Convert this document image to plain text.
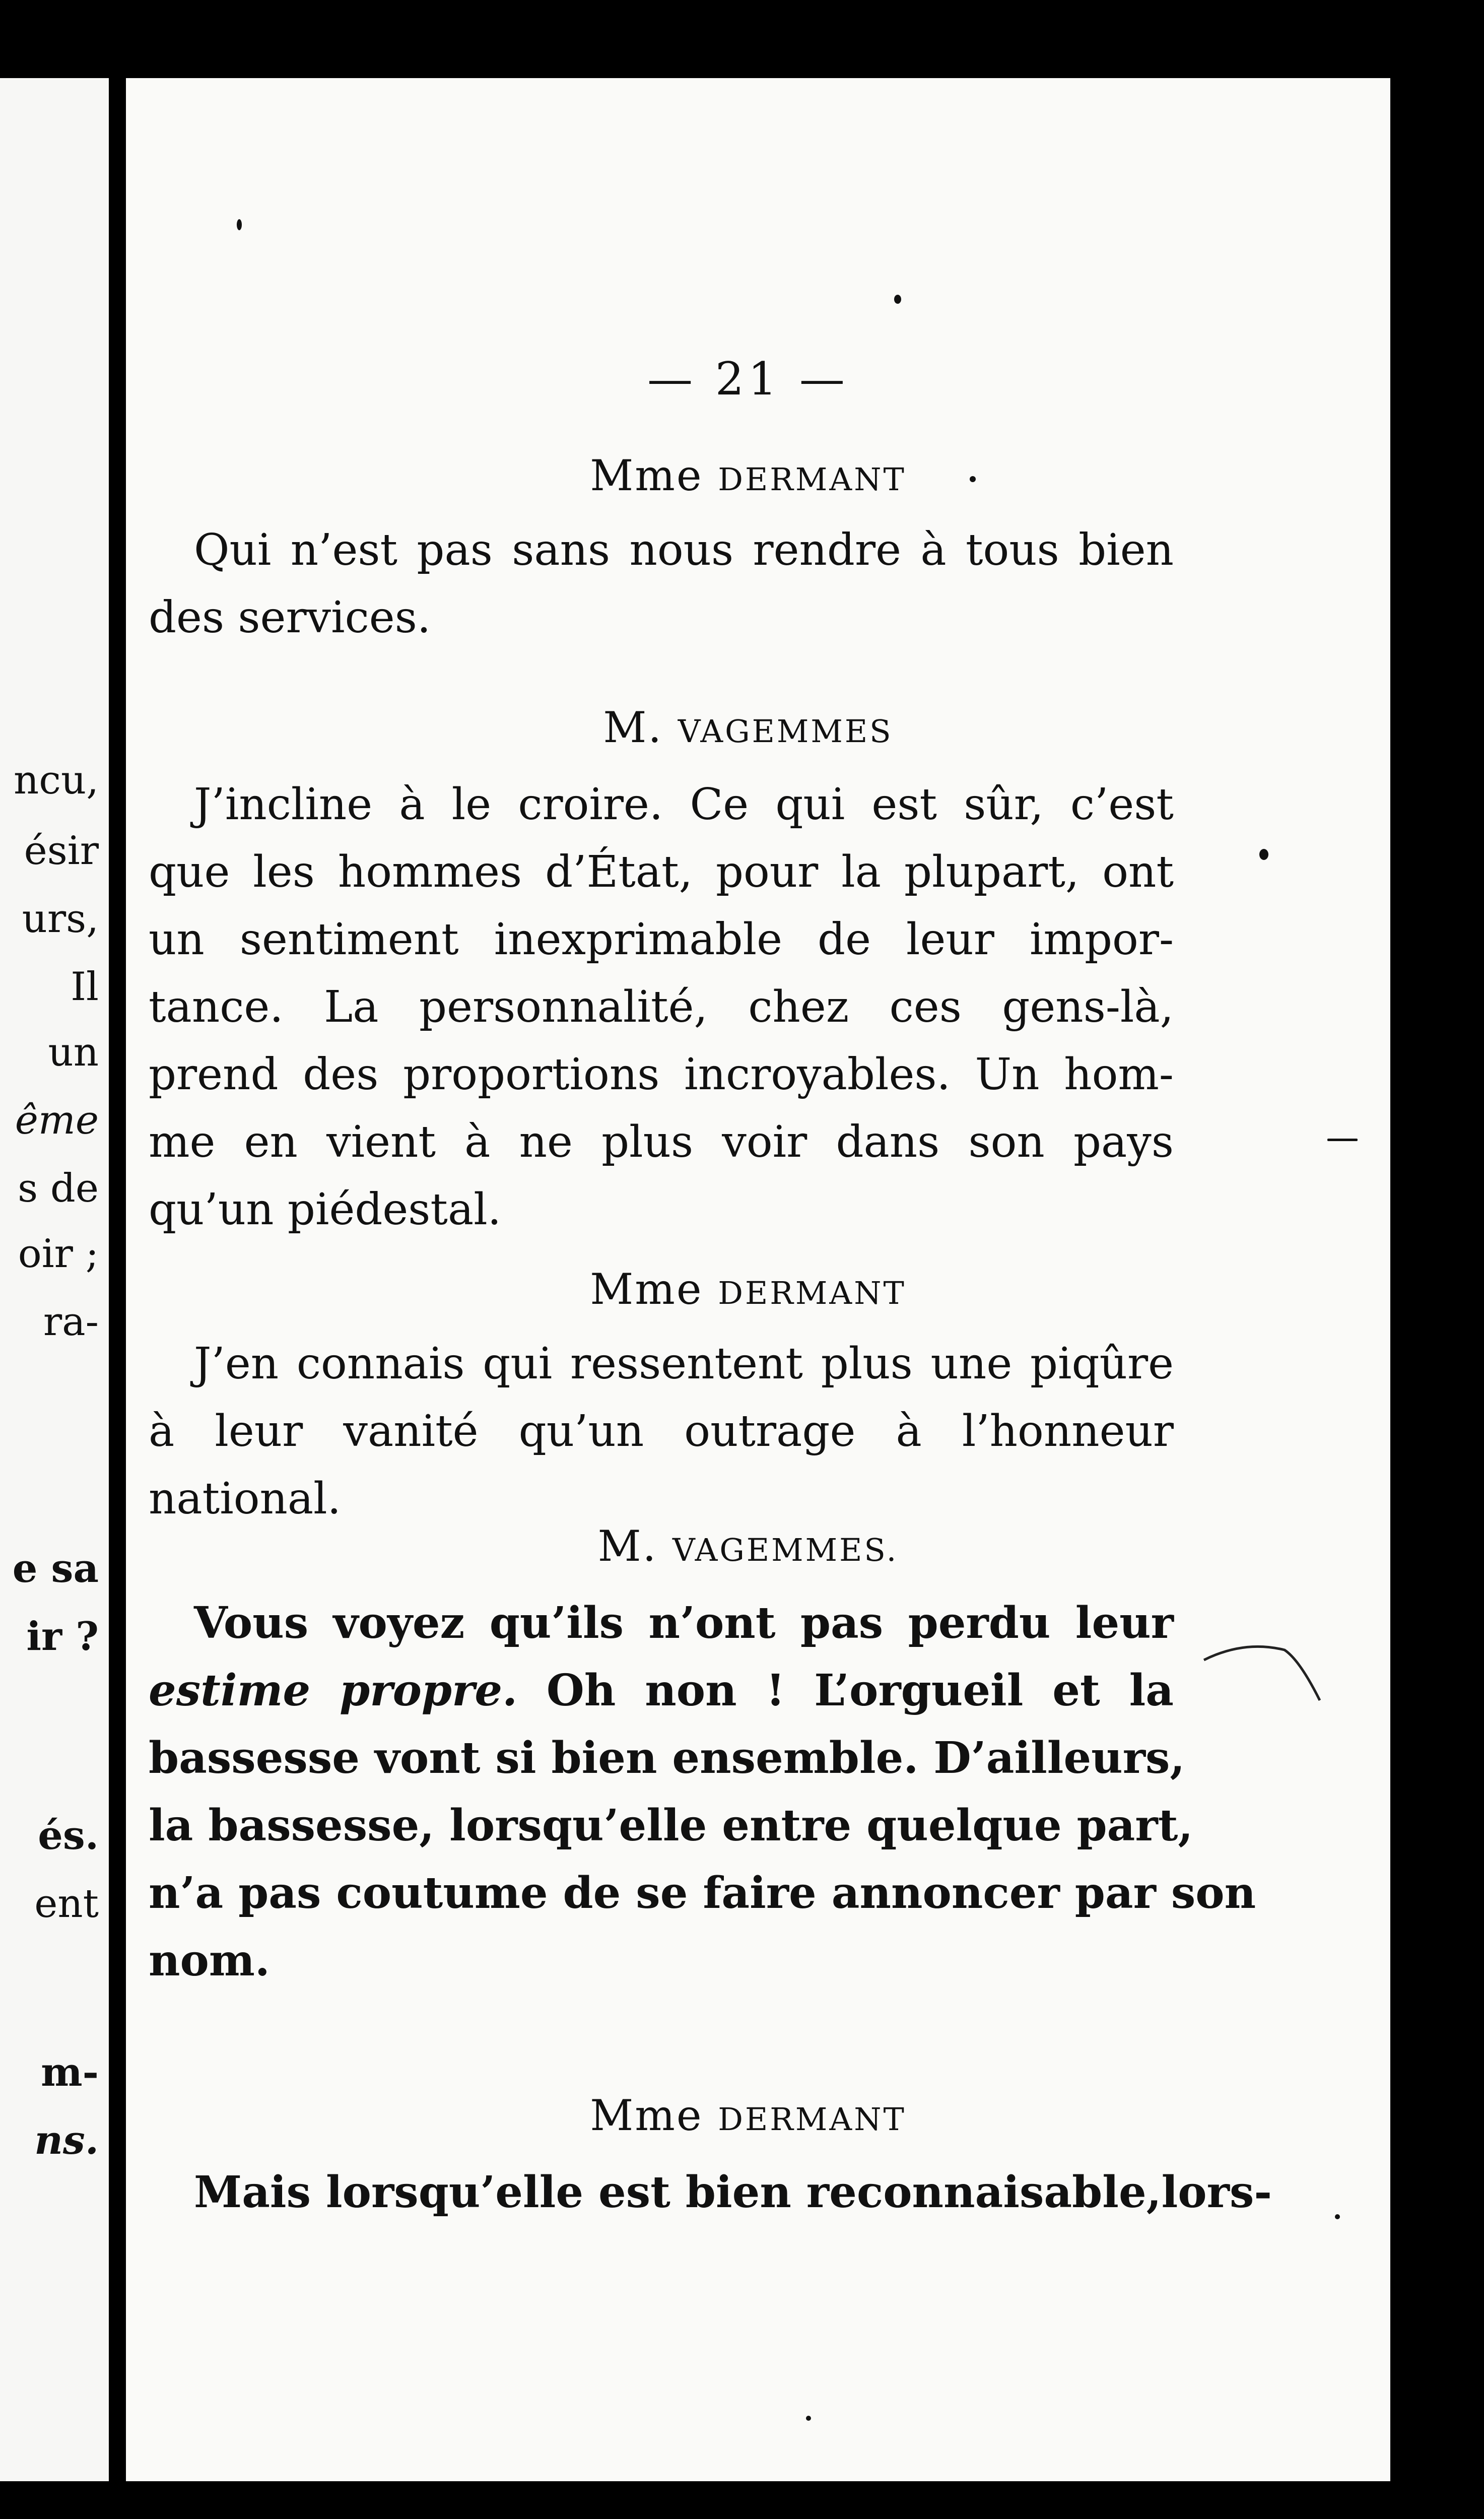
ncu,
ésir
urs,
Il
un
ême
s de
oir ;
ra-
e sa
ir ?
és.
ent
m-
ns.
— 21 —
Mme DERMANT
Qui n’est pas sans nous rendre à tous bien
des services.
M. VAGEMMES
J’incline à le croire. Ce qui est sûr, c’est
que les hommes d’État, pour la plupart, ont
un sentiment inexprimable de leur impor-
tance. La personnalité, chez ces gens-là,
prend des proportions incroyables. Un hom-
me en vient à ne plus voir dans son pays
qu’un piédestal.
Mme DERMANT
J’en connais qui ressentent plus une piqûre
à leur vanité qu’un outrage à l’honneur
national.
M. VAGEMMES.
Vous voyez qu’ils n’ont pas perdu leur
estime propre. Oh non ! L’orgueil et la
bassesse vont si bien ensemble. D’ailleurs,
la bassesse, lorsqu’elle entre quelque part,
n’a pas coutume de se faire annoncer par son
nom.
Mme DERMANT
Mais lorsqu’elle est bien reconnaisable,lors-
